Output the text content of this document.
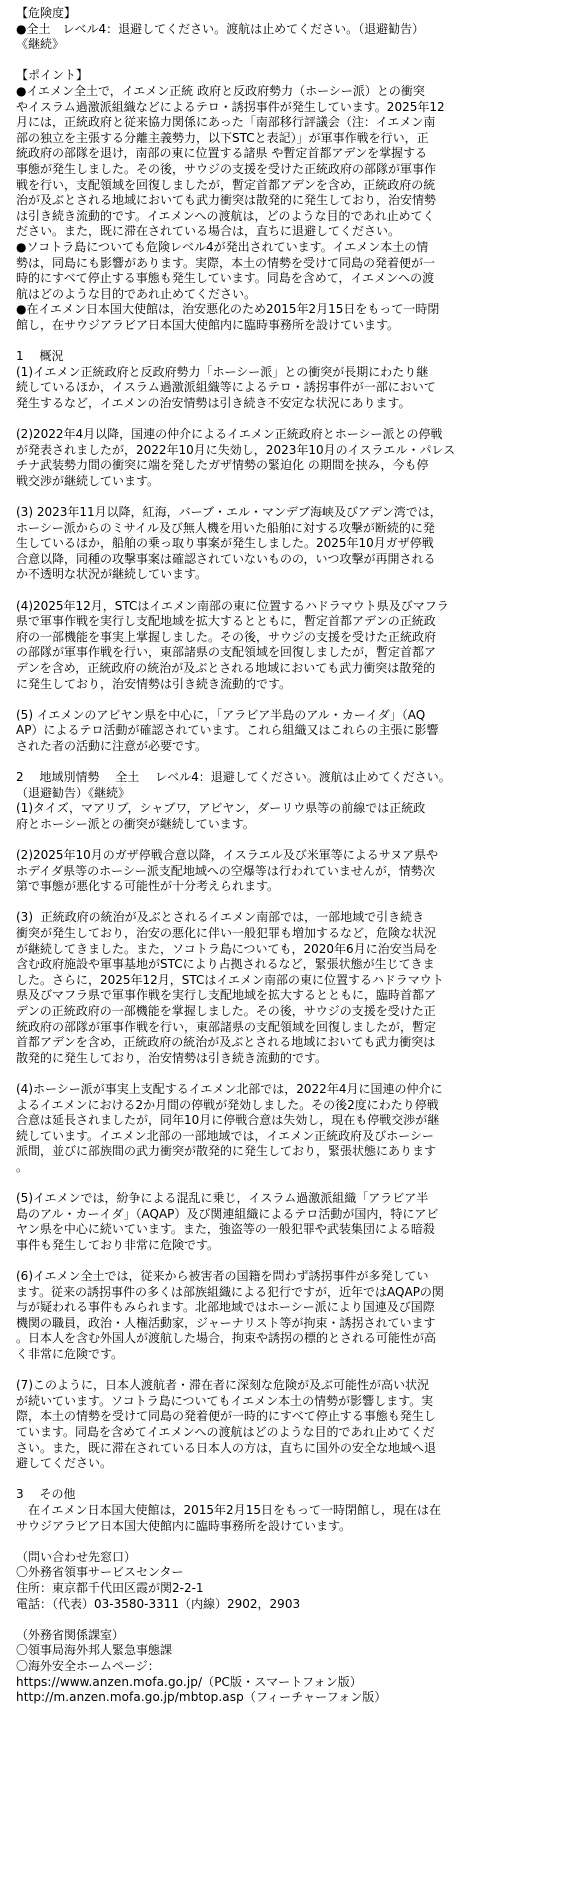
【危険度】
●全土　レベル4：退避してください。渡航は止めてください。（退避勧告）
《継続》
【ポイント】
●イエメン全土で，イエメン正統 政府と反政府勢力（ホーシー派）との衝突
やイスラム過激派組織などによるテロ・誘拐事件が発生しています。2025年12
月には，正統政府と従来協力関係にあった「南部移行評議会（注：イエメン南
部の独立を主張する分離主義勢力，以下STCと表記）」が軍事作戦を行い，正
統政府の部隊を退け，南部の東に位置する諸県 や暫定首都アデンを掌握する
事態が発生しました。その後，サウジの支援を受けた正統政府の部隊が軍事作
戦を行い，支配領域を回復しましたが，暫定首都アデンを含め，正統政府の統
治が及ぶとされる地域においても武力衝突は散発的に発生しており，治安情勢
は引き続き流動的です。イエメンへの渡航は，どのような目的であれ止めてく
ださい。また，既に滞在されている場合は，直ちに退避してください。
●ソコトラ島についても危険レベル4が発出されています。イエメン本土の情
勢は，同島にも影響があります。実際，本土の情勢を受けて同島の発着便が一
時的にすべて停止する事態も発生しています。同島を含めて，イエメンへの渡
航はどのような目的であれ止めてください。
●在イエメン日本国大使館は，治安悪化のため2015年2月15日をもって一時閉
館し，在サウジアラビア日本国大使館内に臨時事務所を設けています。
1　 概況
(1)イエメン正統政府と反政府勢力「ホーシー派」との衝突が長期にわたり継
続しているほか，イスラム過激派組織等によるテロ・誘拐事件が一部において
発生するなど，イエメンの治安情勢は引き続き不安定な状況にあります。
(2)2022年4月以降，国連の仲介によるイエメン正統政府とホーシー派との停戦
が発表されましたが，2022年10月に失効し，2023年10月のイスラエル・パレス
チナ武装勢力間の衝突に端を発したガザ情勢の緊迫化 の期間を挟み，今も停
戦交渉が継続しています。
(3) 2023年11月以降，紅海，バーブ・エル・マンデブ海峡及びアデン湾では，
ホーシー派からのミサイル及び無人機を用いた船舶に対する攻撃が断続的に発
生しているほか，船舶の乗っ取り事案が発生しました。2025年10月ガザ停戦
合意以降，同種の攻撃事案は確認されていないものの，いつ攻撃が再開される
か不透明な状況が継続しています。
(4)2025年12月，STCはイエメン南部の東に位置するハドラマウト県及びマフラ
県で軍事作戦を実行し支配地域を拡大するとともに，暫定首都アデンの正統政
府の一部機能を事実上掌握しました。その後，サウジの支援を受けた正統政府
の部隊が軍事作戦を行い，東部諸県の支配領域を回復しましたが，暫定首都ア
デンを含め，正統政府の統治が及ぶとされる地域においても武力衝突は散発的
に発生しており，治安情勢は引き続き流動的です。
(5) イエメンのアビヤン県を中心に，「アラビア半島のアル・カーイダ」（AQ
AP）によるテロ活動が確認されています。これら組織又はこれらの主張に影響
された者の活動に注意が必要です。
2　 地域別情勢　 全土　 レベル4：退避してください。渡航は止めてください。
（退避勧告）《継続》
(1)タイズ，マアリブ，シャブワ，アビヤン，ダーリウ県等の前線では正統政
府とホーシー派との衝突が継続しています。
(2)2025年10月のガザ停戦合意以降，イスラエル及び米軍等によるサヌア県や
ホデイダ県等のホーシー派支配地域への空爆等は行われていませんが，情勢次
第で事態が悪化する可能性が十分考えられます。
(3)  正統政府の統治が及ぶとされるイエメン南部では，一部地域で引き続き
衝突が発生しており，治安の悪化に伴い一般犯罪も増加するなど，危険な状況
が継続してきました。また，ソコトラ島についても，2020年6月に治安当局を
含む政府施設や軍事基地がSTCにより占拠されるなど，緊張状態が生じてきま
した。さらに，2025年12月，STCはイエメン南部の東に位置するハドラマウト
県及びマフラ県で軍事作戦を実行し支配地域を拡大するとともに，臨時首都ア
デンの正統政府の一部機能を掌握しました。その後，サウジの支援を受けた正
統政府の部隊が軍事作戦を行い，東部諸県の支配領域を回復しましたが，暫定
首都アデンを含め，正統政府の統治が及ぶとされる地域においても武力衝突は
散発的に発生しており，治安情勢は引き続き流動的です。
(4)ホーシー派が事実上支配するイエメン北部では，2022年4月に国連の仲介に
よるイエメンにおける2か月間の停戦が発効しました。その後2度にわたり停戦
合意は延長されましたが，同年10月に停戦合意は失効し，現在も停戦交渉が継
続しています。イエメン北部の一部地域では，イエメン正統政府及びホーシー
派間，並びに部族間の武力衝突が散発的に発生しており，緊張状態にあります
。
(5)イエメンでは，紛争による混乱に乗じ，イスラム過激派組織「アラビア半
島のアル・カーイダ」（AQAP）及び関連組織によるテロ活動が国内，特にアビ
ヤン県を中心に続いています。また，強盗等の一般犯罪や武装集団による暗殺
事件も発生しており非常に危険です。
(6)イエメン全土では，従来から被害者の国籍を問わず誘拐事件が多発してい
ます。従来の誘拐事件の多くは部族組織による犯行ですが，近年ではAQAPの関
与が疑われる事件もみられます。北部地域ではホーシー派により国連及び国際
機関の職員，政治・人権活動家，ジャーナリスト等が拘束・誘拐されています
。日本人を含む外国人が渡航した場合，拘束や誘拐の標的とされる可能性が高
く非常に危険です。
(7)このように，日本人渡航者・滞在者に深刻な危険が及ぶ可能性が高い状況
が続いています。ソコトラ島についてもイエメン本土の情勢が影響します。実
際，本土の情勢を受けて同島の発着便が一時的にすべて停止する事態も発生し
ています。同島を含めてイエメンへの渡航はどのような目的であれ止めてくだ
さい。また，既に滞在されている日本人の方は，直ちに国外の安全な地域へ退
避してください。
3　 その他
　在イエメン日本国大使館は，2015年2月15日をもって一時閉館し，現在は在
サウジアラビア日本国大使館内に臨時事務所を設けています。
（問い合わせ先窓口）
〇外務省領事サービスセンター
住所：東京都千代田区霞が関2-2-1
電話：（代表）03-3580-3311（内線）2902，2903
（外務省関係課室）
〇領事局海外邦人緊急事態課
〇海外安全ホームページ：
https://www.anzen.mofa.go.jp/（PC版・スマートフォン版）
http://m.anzen.mofa.go.jp/mbtop.asp（フィーチャーフォン版）
